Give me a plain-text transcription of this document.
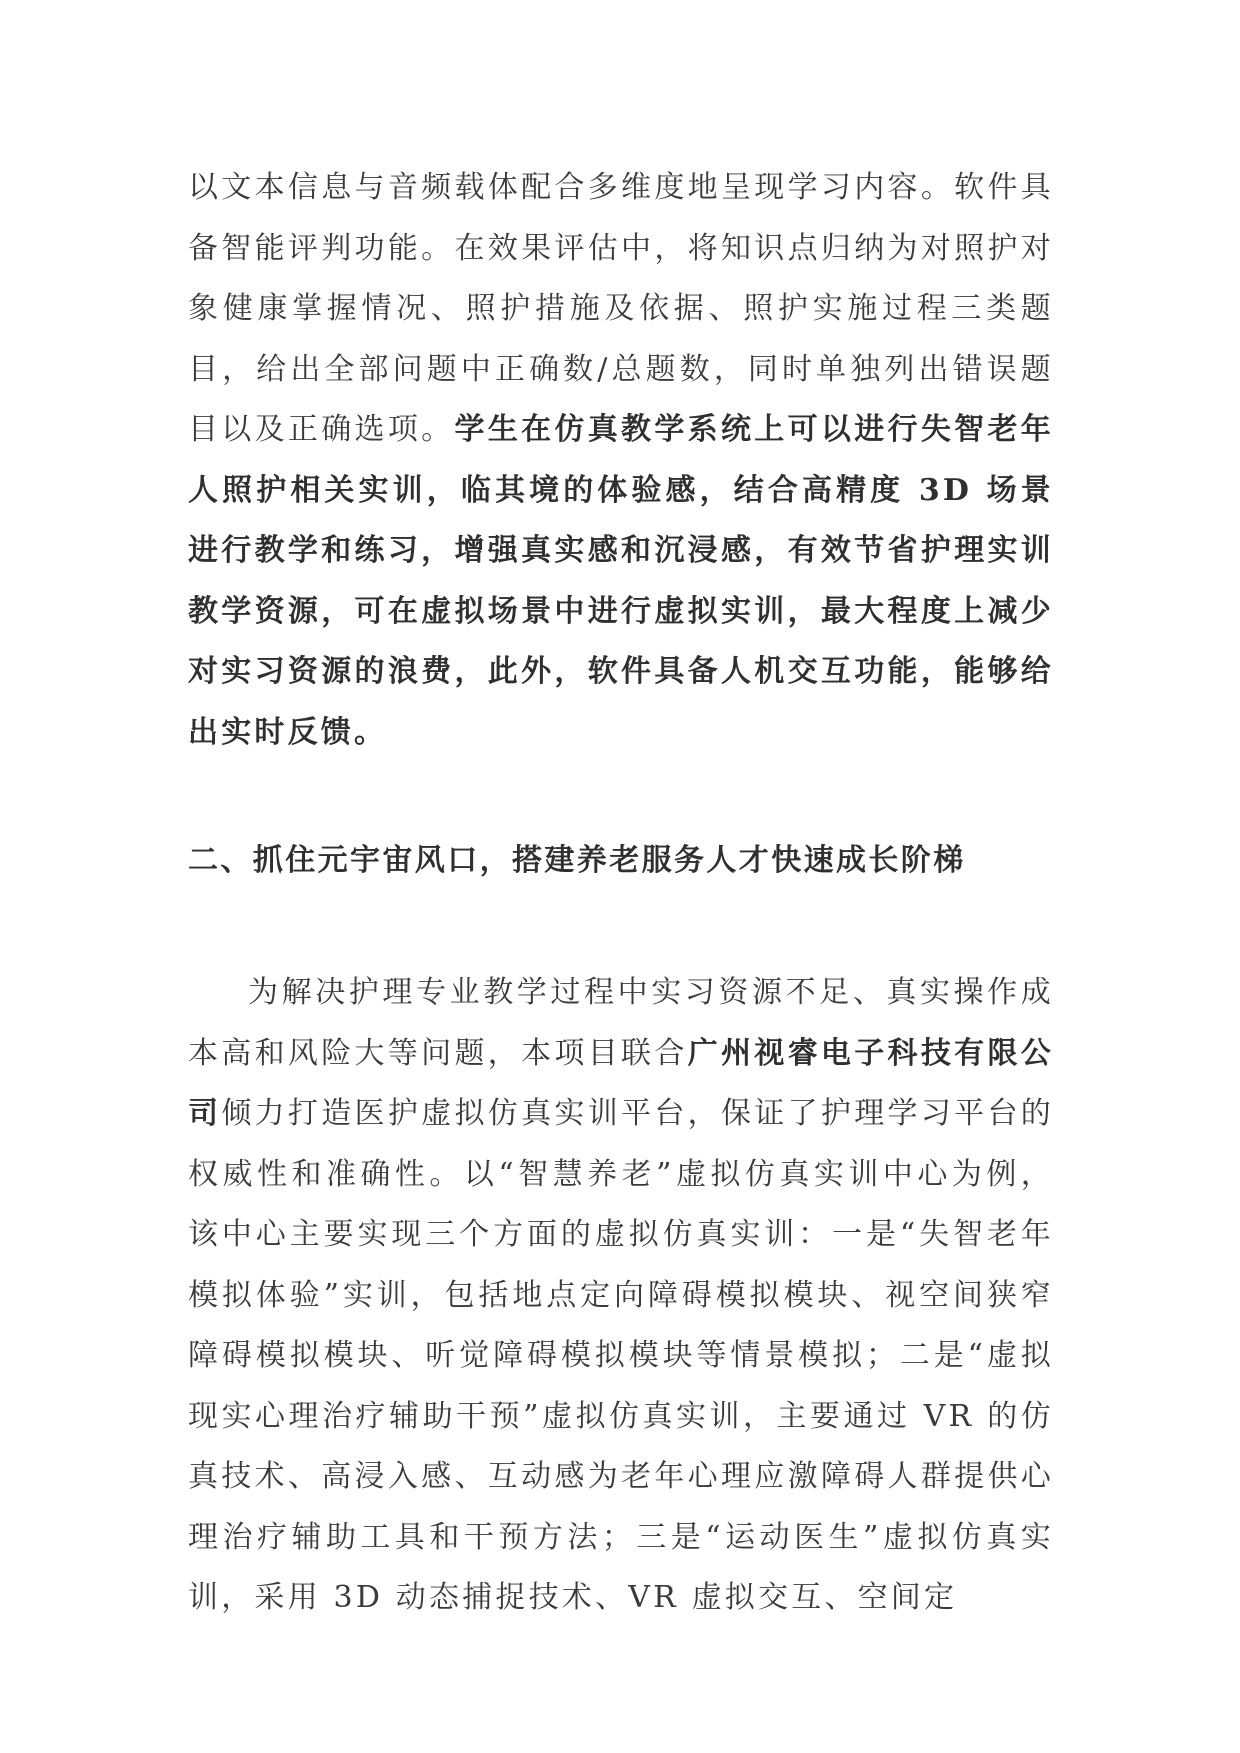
以文本信息与音频载体配合多维度地呈现学习内容。软件具备智能评判功能。在效果评估中，将知识点归纳为对照护对象健康掌握情况、照护措施及依据、照护实施过程三类题目，给出全部问题中正确数/总题数，同时单独列出错误题目以及正确选项。学生在仿真教学系统上可以进行失智老年人照护相关实训，临其境的体验感，结合高精度 3D 场景进行教学和练习，增强真实感和沉浸感，有效节省护理实训教学资源，可在虚拟场景中进行虚拟实训，最大程度上减少对实习资源的浪费，此外，软件具备人机交互功能，能够给出实时反馈。

二、抓住元宇宙风口，搭建养老服务人才快速成长阶梯

为解决护理专业教学过程中实习资源不足、真实操作成本高和风险大等问题，本项目联合广州视睿电子科技有限公司倾力打造医护虚拟仿真实训平台，保证了护理学习平台的权威性和准确性。以“智慧养老”虚拟仿真实训中心为例，该中心主要实现三个方面的虚拟仿真实训：一是“失智老年模拟体验”实训，包括地点定向障碍模拟模块、视空间狭窄障碍模拟模块、听觉障碍模拟模块等情景模拟；二是“虚拟现实心理治疗辅助干预”虚拟仿真实训，主要通过 VR 的仿真技术、高浸入感、互动感为老年心理应激障碍人群提供心理治疗辅助工具和干预方法；三是“运动医生”虚拟仿真实训，采用 3D 动态捕捉技术、VR 虚拟交互、空间定
